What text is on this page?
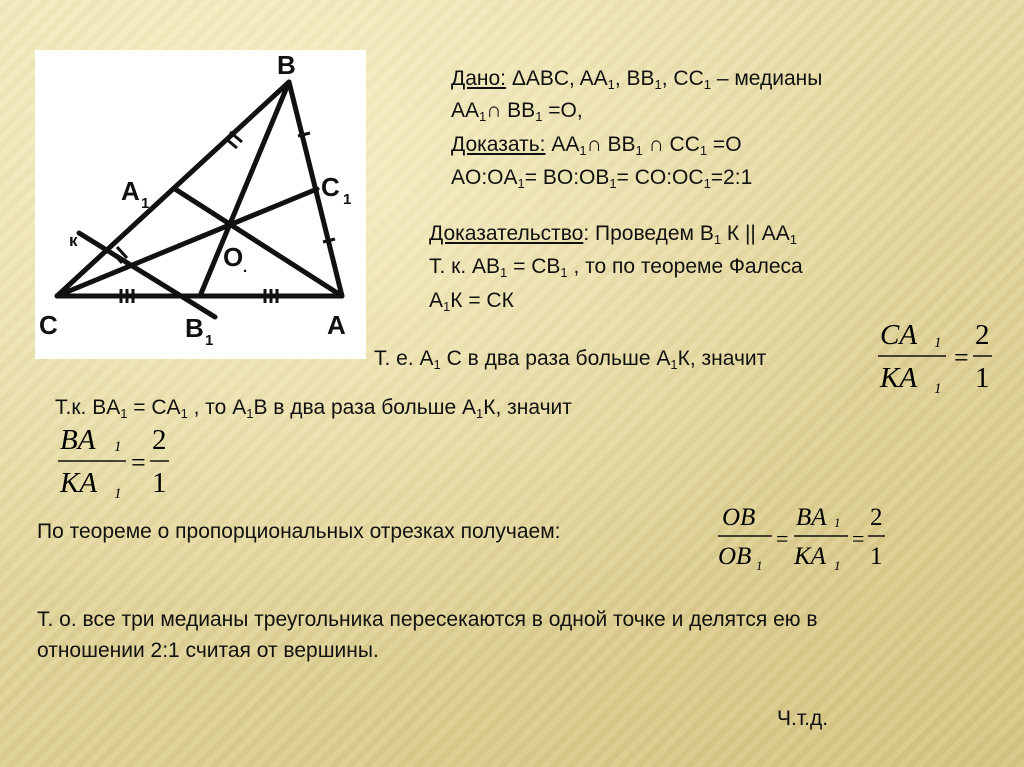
B
A 1
C 1
к
O .
C	B 1
A
Дано: ΔABC, $AA_1$, $BB_1$, $CC_1$ – медианы
$AA_1\cap$ $BB_1 =O$,
Доказать: $AA_1\cap$ $BB_1$ ∩ $CC_1 =O$
$AO:OA_1=$ $BO:OB_1=$ $CO:OC_1=2:1$
Доказательство: Проведем $B_1$ К || $AA_1$
Т. к. $AB_1 = CB_1$ , то по теореме Фалеса
$A_1К$ = CК
Т. е. $A_1$ C в два раза больше $A_1К$, значит
CA 1
KA 1
=
2
1
Т.к. $BA_1 = CA_1$ , то $A_1B$ в два раза больше $A_1К$, значит
BA 1
KA 1
=
2
1
По теореме о пропорциональных отрезках получаем:
OB
OB 1
=
BA 1
KA 1
=
2
1
Т. о. все три медианы треугольника пересекаются в одной точке и делятся ею в
отношении 2:1 считая от вершины.
Ч.т.д.
